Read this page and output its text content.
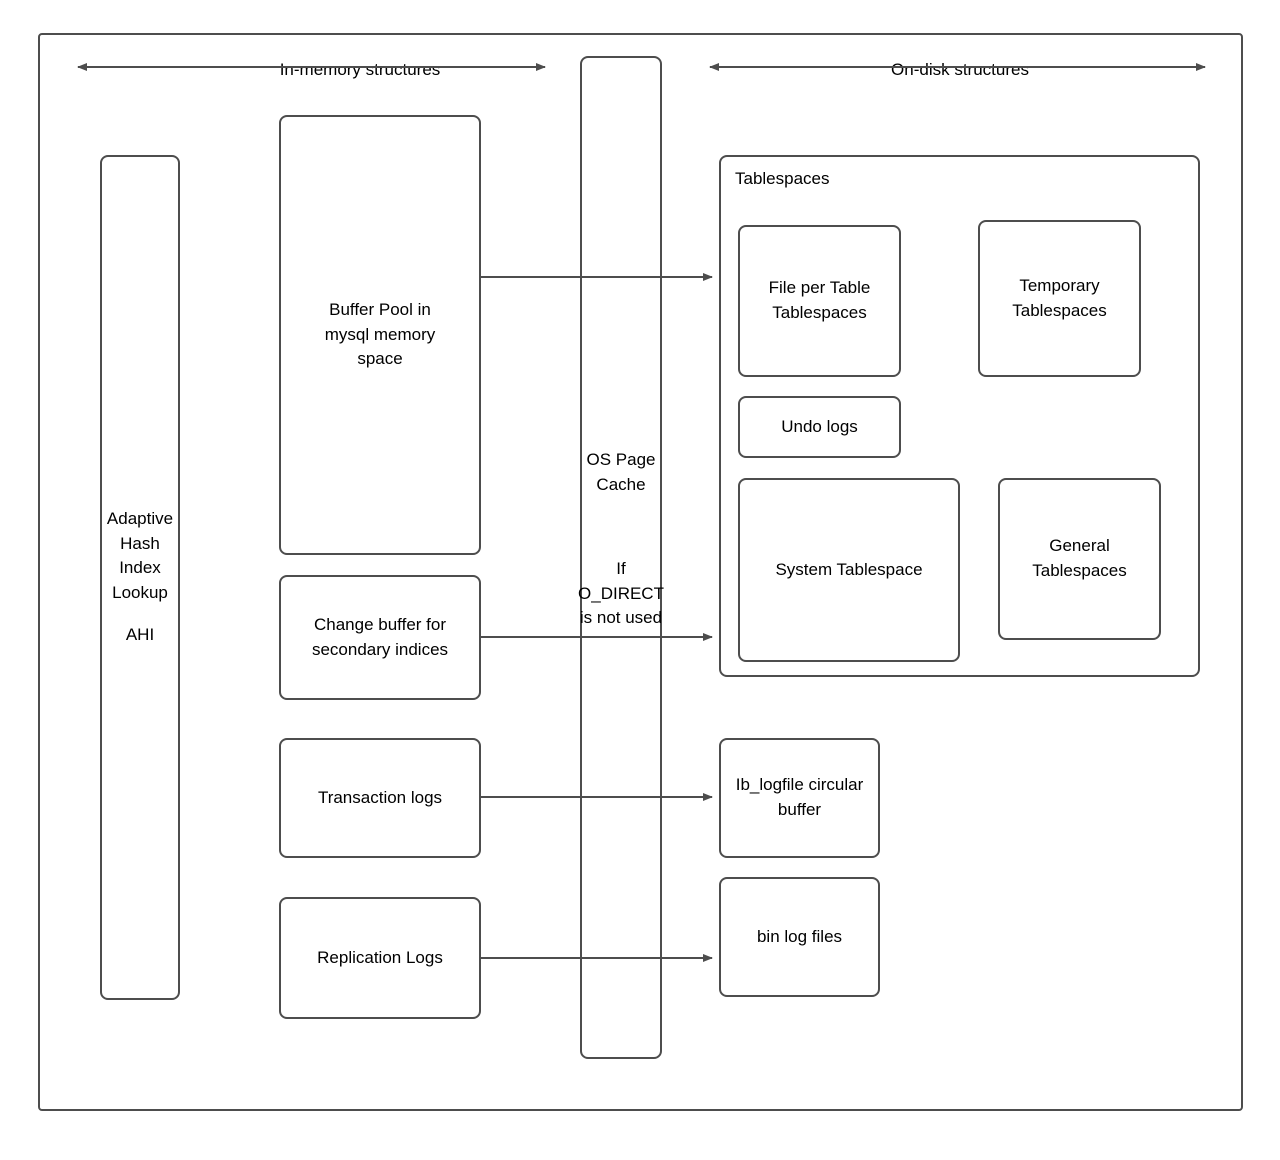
In-memory structures	On-disk structures
Adaptive
Hash
Index
Lookup
AHI
Buffer Pool in mysql memory space
Change buffer for secondary indices
Transaction logs
Replication Logs
OS Page Cache
If O_DIRECT is not used
Tablespaces
File per Table Tablespaces
Temporary Tablespaces
Undo logs
System Tablespace
General Tablespaces
Ib_logfile circular buffer
bin log files
